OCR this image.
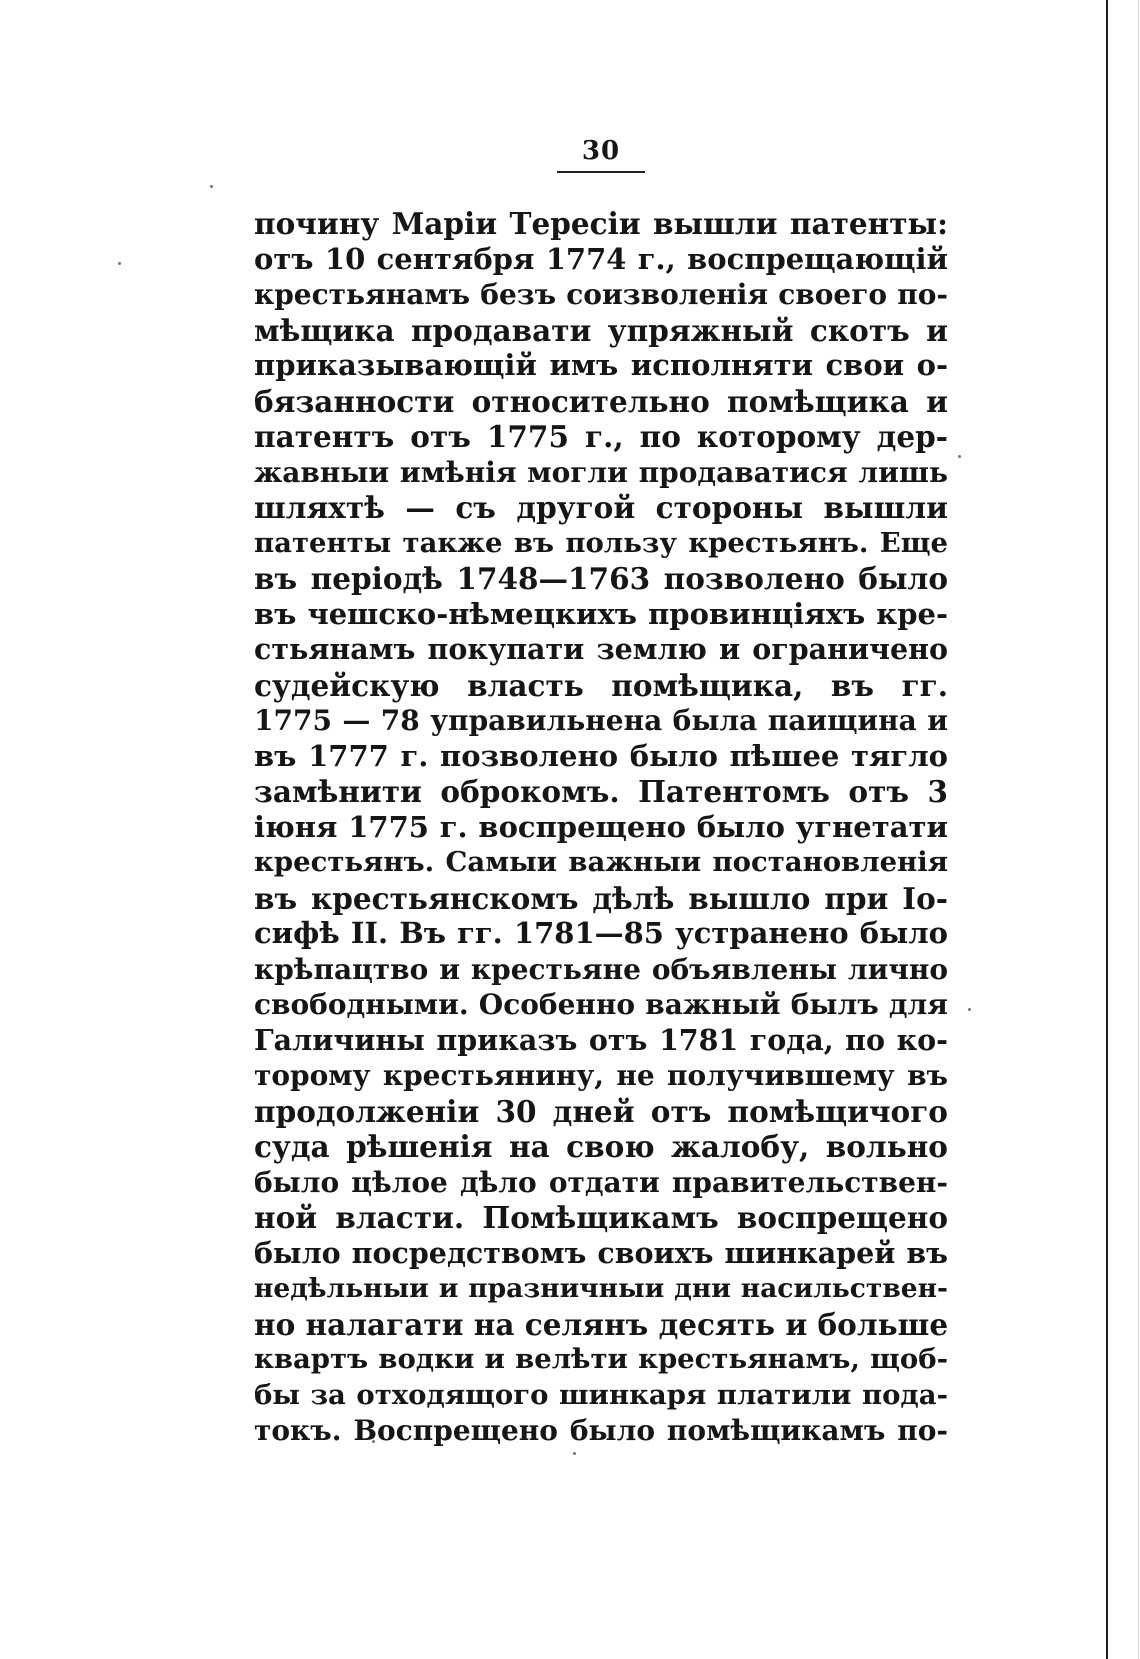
30
почину Маріи Тересіи вышли патенты:
отъ 10 сентября 1774 г., воспрещающій
крестьянамъ безъ соизволенія своего по-
мѣщика продавати упряжный скотъ и
приказывающій имъ исполняти свои о-
бязанности относительно помѣщика и
патентъ отъ 1775 г., по которому дер-
жавныи имѣнія могли продаватися лишь
шляхтѣ — съ другой стороны вышли
патенты также въ пользу крестьянъ. Еще
въ періодѣ 1748—1763 позволено было
въ чешско-нѣмецкихъ провинціяхъ кре-
стьянамъ покупати землю и ограничено
судейскую власть помѣщика, въ гг.
1775 — 78 управильнена была паищина и
въ 1777 г. позволено было пѣшее тягло
замѣнити оброкомъ. Патентомъ отъ 3
іюня 1775 г. воспрещено было угнетати
крестьянъ. Самыи важныи постановленія
въ крестьянскомъ дѣлѣ вышло при Іо-
сифѣ II. Въ гг. 1781—85 устранено было
крѣпацтво и крестьяне объявлены лично
свободными. Особенно важный былъ для
Галичины приказъ отъ 1781 года, по ко-
торому крестьянину, не получившему въ
продолженіи 30 дней отъ помѣщичого
суда рѣшенія на свою жалобу, вольно
было цѣлое дѣло отдати правительствен-
ной власти. Помѣщикамъ воспрещено
было посредствомъ своихъ шинкарей въ
недѣльныи и празничныи дни насильствен-
но налагати на селянъ десять и больше
квартъ водки и велѣти крестьянамъ, щоб-
бы за отходящого шинкаря платили пода-
токъ. Воспрещено было помѣщикамъ по-
